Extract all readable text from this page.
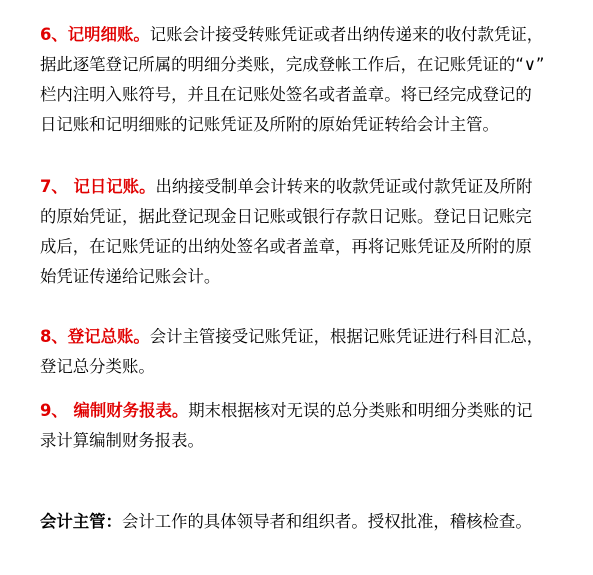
6、记明细账。记账会计接受转账凭证或者出纳传递来的收付款凭证，
据此逐笔登记所属的明细分类账，完成登帐工作后，在记账凭证的“∨”
栏内注明入账符号，并且在记账处签名或者盖章。将已经完成登记的
日记账和记明细账的记账凭证及所附的原始凭证转给会计主管。
7、 记日记账。出纳接受制单会计转来的收款凭证或付款凭证及所附
的原始凭证，据此登记现金日记账或银行存款日记账。登记日记账完
成后，在记账凭证的出纳处签名或者盖章，再将记账凭证及所附的原
始凭证传递给记账会计。
8、登记总账。会计主管接受记账凭证，根据记账凭证进行科目汇总，
登记总分类账。
9、 编制财务报表。期末根据核对无误的总分类账和明细分类账的记
录计算编制财务报表。
会计主管：会计工作的具体领导者和组织者。授权批准，稽核检查。
